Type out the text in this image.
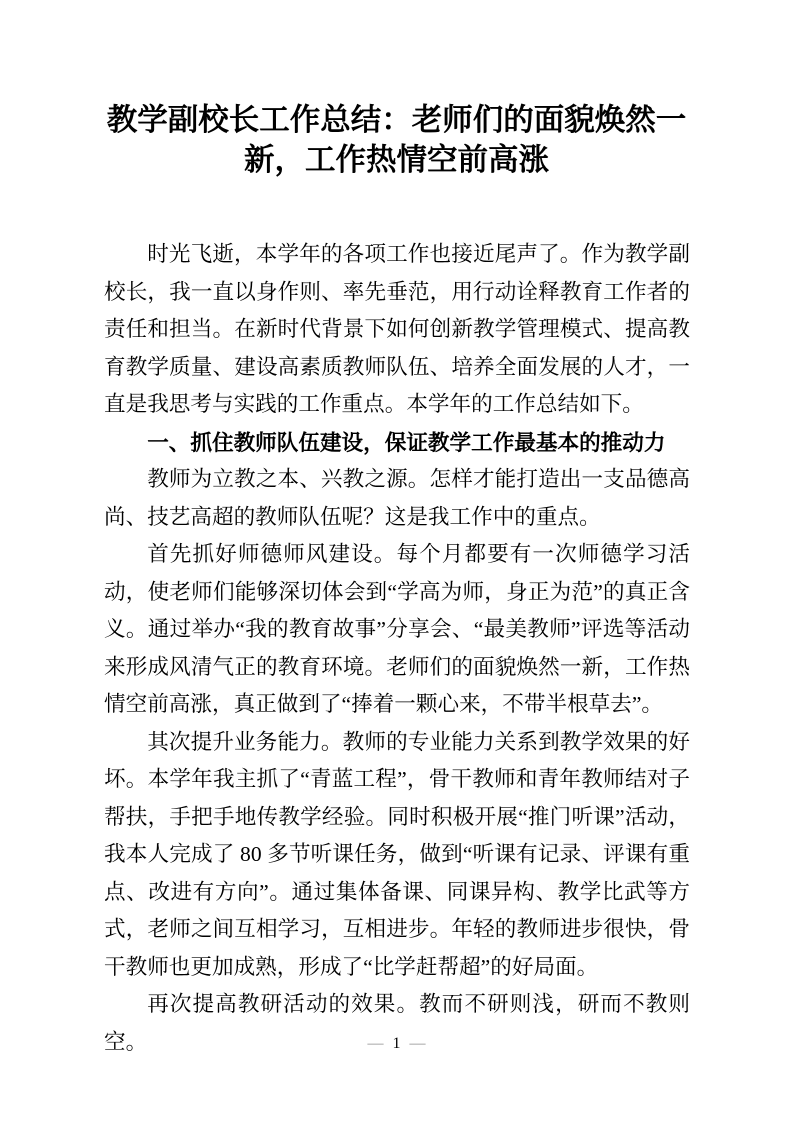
教学副校长工作总结：老师们的面貌焕然一新，工作热情空前高涨

时光飞逝，本学年的各项工作也接近尾声了。作为教学副校长，我一直以身作则、率先垂范，用行动诠释教育工作者的责任和担当。在新时代背景下如何创新教学管理模式、提高教育教学质量、建设高素质教师队伍、培养全面发展的人才，一直是我思考与实践的工作重点。本学年的工作总结如下。

一、抓住教师队伍建设，保证教学工作最基本的推动力

教师为立教之本、兴教之源。怎样才能打造出一支品德高尚、技艺高超的教师队伍呢？这是我工作中的重点。

首先抓好师德师风建设。每个月都要有一次师德学习活动，使老师们能够深切体会到“学高为师，身正为范”的真正含义。通过举办“我的教育故事”分享会、“最美教师”评选等活动来形成风清气正的教育环境。老师们的面貌焕然一新，工作热情空前高涨，真正做到了“捧着一颗心来，不带半根草去”。

其次提升业务能力。教师的专业能力关系到教学效果的好坏。本学年我主抓了“青蓝工程”，骨干教师和青年教师结对子帮扶，手把手地传教学经验。同时积极开展“推门听课”活动，我本人完成了 80 多节听课任务，做到“听课有记录、评课有重点、改进有方向”。通过集体备课、同课异构、教学比武等方式，老师之间互相学习，互相进步。年轻的教师进步很快，骨干教师也更加成熟，形成了“比学赶帮超”的好局面。

再次提高教研活动的效果。教而不研则浅，研而不教则空。	— 1 —
